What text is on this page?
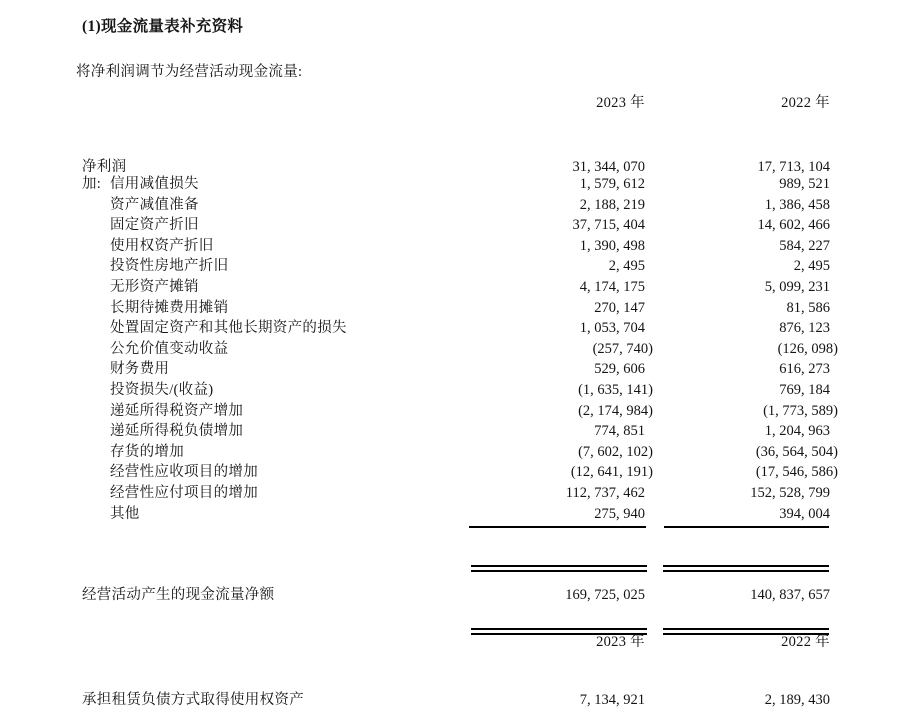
(1)现金流量表补充资料
将净利润调节为经营活动现金流量:
2023 年	2022 年
净利润	31, 344, 070	17, 713, 104
加: 信用减值损失	1, 579, 612	989, 521
资产减值准备	2, 188, 219	1, 386, 458
固定资产折旧	37, 715, 404	14, 602, 466
使用权资产折旧	1, 390, 498	584, 227
投资性房地产折旧	2, 495	2, 495
无形资产摊销	4, 174, 175	5, 099, 231
长期待摊费用摊销	270, 147	81, 586
处置固定资产和其他长期资产的损失	1, 053, 704	876, 123
公允价值变动收益	(257, 740)	(126, 098)
财务费用	529, 606	616, 273
投资损失/(收益)	(1, 635, 141)	769, 184
递延所得税资产增加	(2, 174, 984)	(1, 773, 589)
递延所得税负债增加	774, 851	1, 204, 963
存货的增加	(7, 602, 102)	(36, 564, 504)
经营性应收项目的增加	(12, 641, 191)	(17, 546, 586)
经营性应付项目的增加	112, 737, 462	152, 528, 799
其他	275, 940	394, 004
经营活动产生的现金流量净额	169, 725, 025	140, 837, 657
2023 年	2022 年
承担租赁负债方式取得使用权资产	7, 134, 921	2, 189, 430
